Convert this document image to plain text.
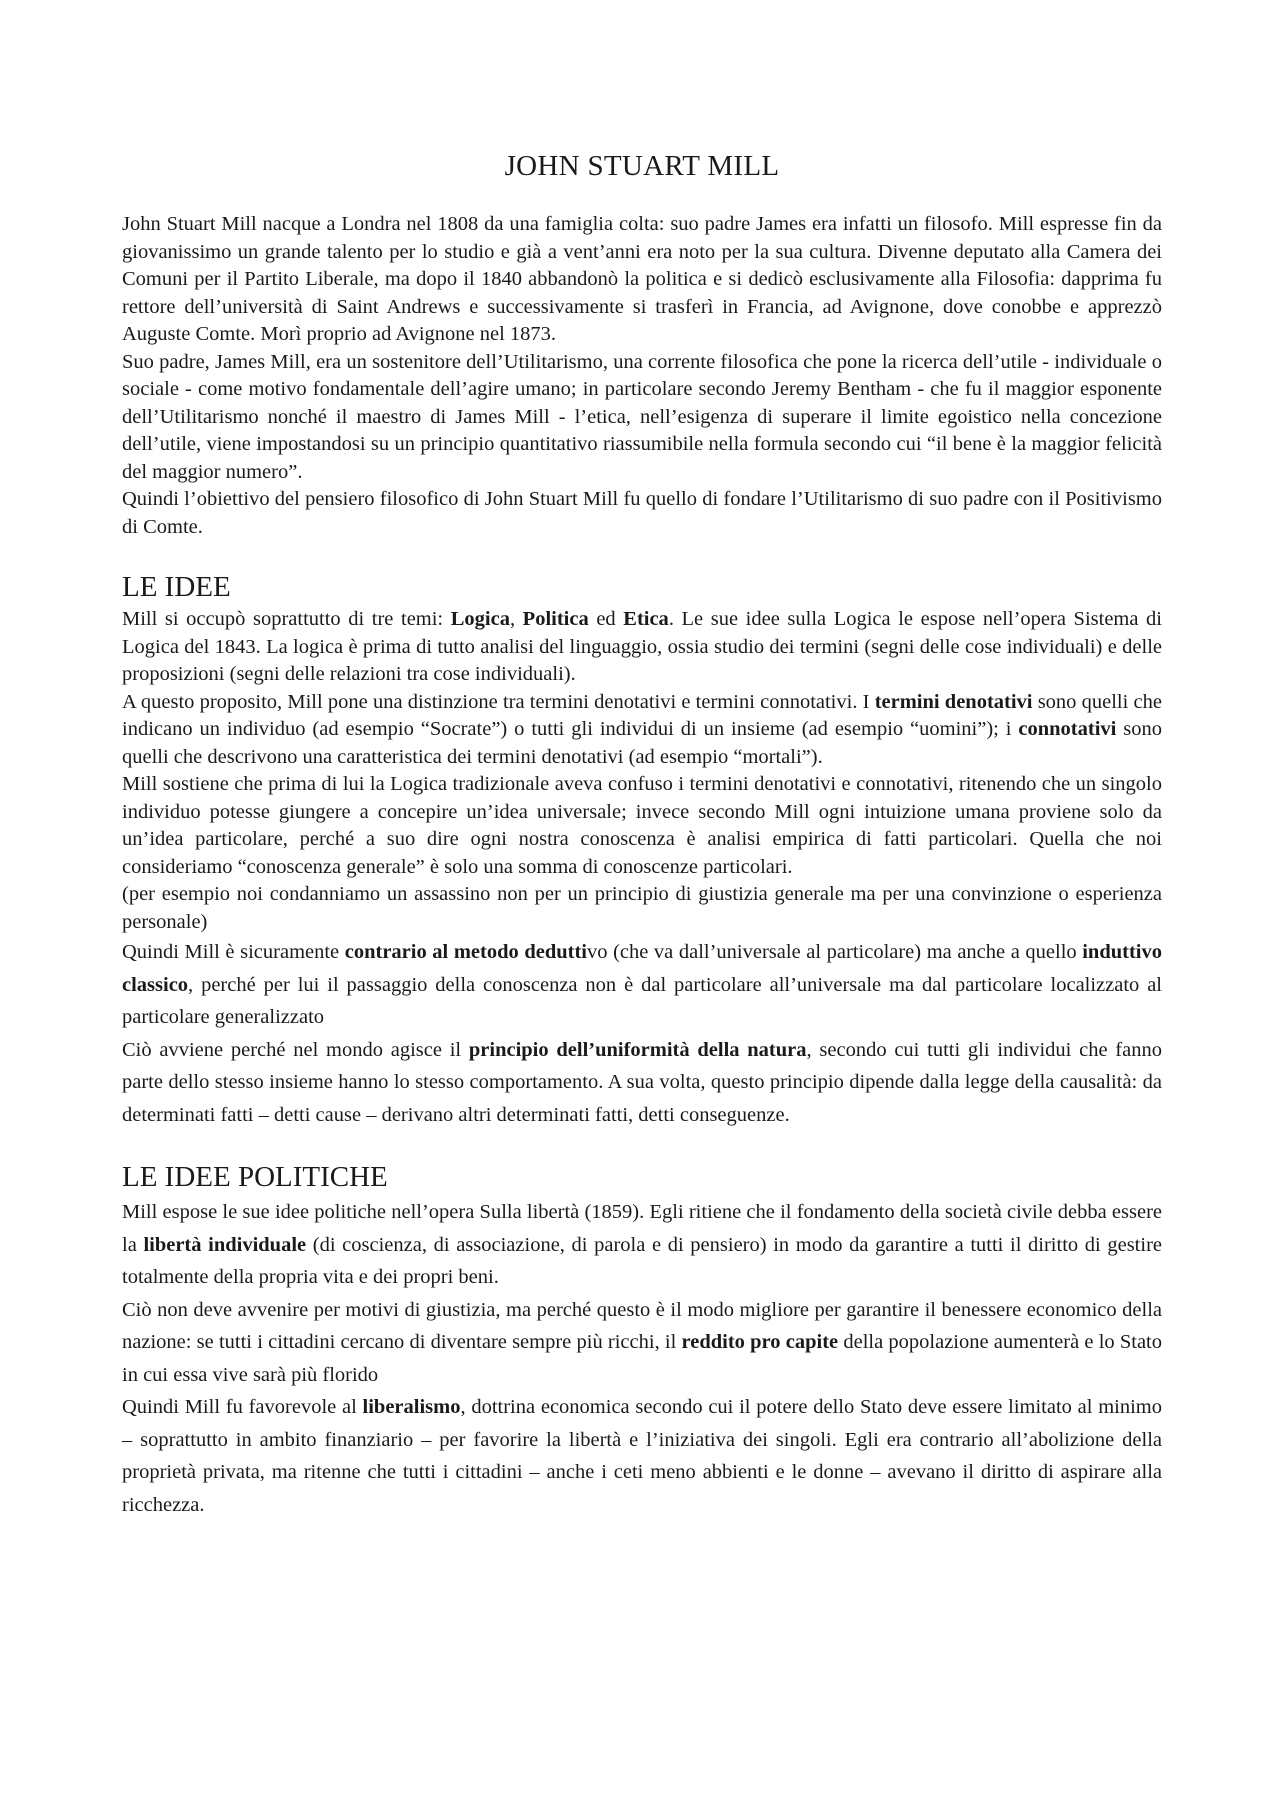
JOHN STUART MILL

John Stuart Mill nacque a Londra nel 1808 da una famiglia colta: suo padre James era infatti un filosofo. Mill espresse fin da giovanissimo un grande talento per lo studio e già a vent’anni era noto per la sua cultura. Divenne deputato alla Camera dei Comuni per il Partito Liberale, ma dopo il 1840 abbandonò la politica e si dedicò esclusivamente alla Filosofia: dapprima fu rettore dell’università di Saint Andrews e successivamente si trasferì in Francia, ad Avignone, dove conobbe e apprezzò Auguste Comte. Morì proprio ad Avignone nel 1873.

Suo padre, James Mill, era un sostenitore dell’Utilitarismo, una corrente filosofica che pone la ricerca dell’utile - individuale o sociale - come motivo fondamentale dell’agire umano; in particolare secondo Jeremy Bentham - che fu il maggior esponente dell’Utilitarismo nonché il maestro di James Mill - l’etica, nell’esigenza di superare il limite egoistico nella concezione dell’utile, viene impostandosi su un principio quantitativo riassumibile nella formula secondo cui “il bene è la maggior felicità del maggior numero”.

Quindi l’obiettivo del pensiero filosofico di John Stuart Mill fu quello di fondare l’Utilitarismo di suo padre con il Positivismo di Comte.

LE IDEE

Mill si occupò soprattutto di tre temi: Logica, Politica ed Etica. Le sue idee sulla Logica le espose nell’opera Sistema di Logica del 1843. La logica è prima di tutto analisi del linguaggio, ossia studio dei termini (segni delle cose individuali) e delle proposizioni (segni delle relazioni tra cose individuali).

A questo proposito, Mill pone una distinzione tra termini denotativi e termini connotativi. I termini denotativi sono quelli che indicano un individuo (ad esempio “Socrate”) o tutti gli individui di un insieme (ad esempio “uomini”); i connotativi sono quelli che descrivono una caratteristica dei termini denotativi (ad esempio “mortali”).

Mill sostiene che prima di lui la Logica tradizionale aveva confuso i termini denotativi e connotativi, ritenendo che un singolo individuo potesse giungere a concepire un’idea universale; invece secondo Mill ogni intuizione umana proviene solo da un’idea particolare, perché a suo dire ogni nostra conoscenza è analisi empirica di fatti particolari. Quella che noi consideriamo “conoscenza generale” è solo una somma di conoscenze particolari.

(per esempio noi condanniamo un assassino non per un principio di giustizia generale ma per una convinzione o esperienza personale)

Quindi Mill è sicuramente contrario al metodo deduttivo (che va dall’universale al particolare) ma anche a quello induttivo classico, perché per lui il passaggio della conoscenza non è dal particolare all’universale ma dal particolare localizzato al particolare generalizzato

Ciò avviene perché nel mondo agisce il principio dell’uniformità della natura, secondo cui tutti gli individui che fanno parte dello stesso insieme hanno lo stesso comportamento. A sua volta, questo principio dipende dalla legge della causalità: da determinati fatti – detti cause – derivano altri determinati fatti, detti conseguenze.

LE IDEE POLITICHE

Mill espose le sue idee politiche nell’opera Sulla libertà (1859). Egli ritiene che il fondamento della società civile debba essere la libertà individuale (di coscienza, di associazione, di parola e di pensiero) in modo da garantire a tutti il diritto di gestire totalmente della propria vita e dei propri beni.

Ciò non deve avvenire per motivi di giustizia, ma perché questo è il modo migliore per garantire il benessere economico della nazione: se tutti i cittadini cercano di diventare sempre più ricchi, il reddito pro capite della popolazione aumenterà e lo Stato in cui essa vive sarà più florido

Quindi Mill fu favorevole al liberalismo, dottrina economica secondo cui il potere dello Stato deve essere limitato al minimo – soprattutto in ambito finanziario – per favorire la libertà e l’iniziativa dei singoli. Egli era contrario all’abolizione della proprietà privata, ma ritenne che tutti i cittadini – anche i ceti meno abbienti e le donne – avevano il diritto di aspirare alla ricchezza.
